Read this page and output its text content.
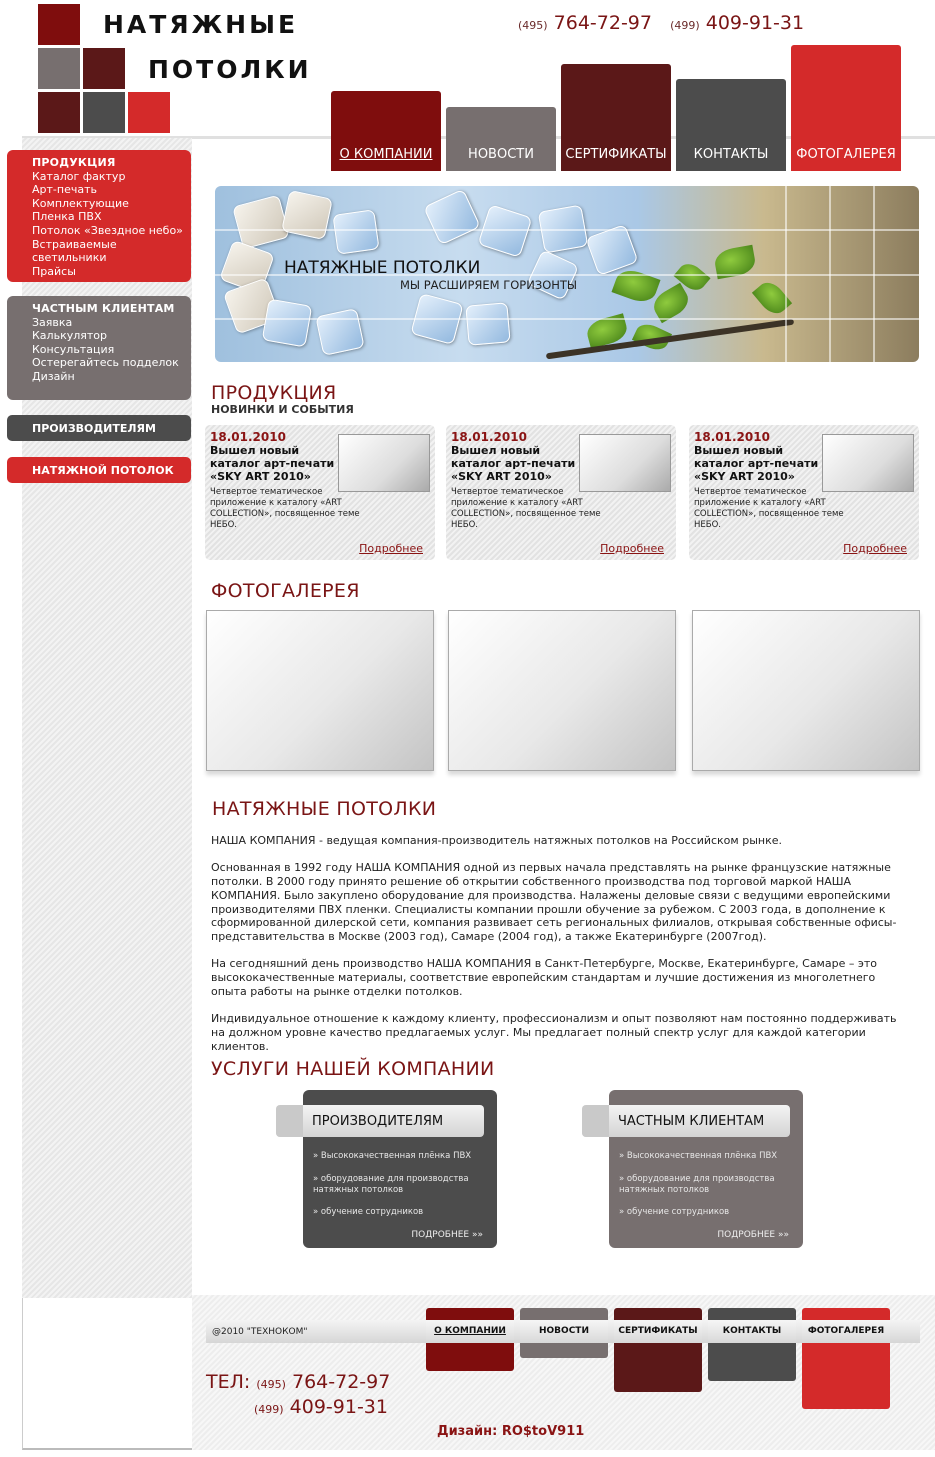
НАТЯЖНЫЕ
ПОТОЛКИ
(495) 764-72-97 (499) 409-91-31
О КОМПАНИИ	НОВОСТИ СЕРТИФИКАТЫ КОНТАКТЫ ФОТОГАЛЕРЕЯ
ПРОДУКЦИЯ
Каталог фактур
Арт-печать
Комплектующие
Пленка ПВХ
Потолок «Звездное небо»
Встраиваемые светильники
Прайсы
ЧАСТНЫМ КЛИЕНТАМ
Заявка
Калькулятор
Консультация
Остерегайтесь подделок
Дизайн
ПРОИЗВОДИТЕЛЯМ
НАТЯЖНОЙ ПОТОЛОК
НАТЯЖНЫЕ ПОТОЛКИ
МЫ РАСШИРЯЕМ ГОРИЗОНТЫ
ПРОДУКЦИЯ
НОВИНКИ И СОБЫТИЯ
18.01.2010
Вышел новый каталог арт-печати «SKY ART 2010»
Четвертое тематическое приложение к каталогу «ART COLLECTION», посвященное теме НЕБО.
Подробнее
18.01.2010
Вышел новый каталог арт-печати «SKY ART 2010»
Четвертое тематическое приложение к каталогу «ART COLLECTION», посвященное теме НЕБО.
Подробнее
18.01.2010
Вышел новый каталог арт-печати «SKY ART 2010»
Четвертое тематическое приложение к каталогу «ART COLLECTION», посвященное теме НЕБО.
Подробнее
ФОТОГАЛЕРЕЯ
НАТЯЖНЫЕ ПОТОЛКИ

НАША КОМПАНИЯ - ведущая компания-производитель натяжных потолков на Российском рынке.

Основанная в 1992 году НАША КОМПАНИЯ одной из первых начала представлять на рынке французские натяжные потолки. В 2000 году принято решение об открытии собственного производства под торговой маркой НАША КОМПАНИЯ. Было закуплено оборудование для производства. Налажены деловые связи с ведущими европейскими производителями ПВХ пленки. Специалисты компании прошли обучение за рубежом. С 2003 года, в дополнение к сформированной дилерской сети, компания развивает сеть региональных филиалов, открывая собственные офисы-представительства в Москве (2003 год), Самаре (2004 год), а также Екатеринбурге (2007год).

На сегодняшний день производство НАША КОМПАНИЯ в Санкт-Петербурге, Москве, Екатеринбурге, Самаре – это высококачественные материалы, соответствие европейским стандартам и лучшие достижения из многолетнего опыта работы на рынке отделки потолков.

Индивидуальное отношение к каждому клиенту, профессионализм и опыт позволяют нам постоянно поддерживать на должном уровне качество предлагаемых услуг. Мы предлагает полный спектр услуг для каждой категории клиентов.

УСЛУГИ НАШЕЙ КОМПАНИИ
ПРОИЗВОДИТЕЛЯМ
» Высококачественная плёнка ПВХ
» оборудование для производства натяжных потолков
» обучение сотрудников
ПОДРОБНЕЕ »»
ЧАСТНЫМ КЛИЕНТАМ
» Высококачественная плёнка ПВХ
» оборудование для производства натяжных потолков
» обучение сотрудников
ПОДРОБНЕЕ »»
@2010 "ТЕХНОКОМ"	О КОМПАНИИ	НОВОСТИ	СЕРТИФИКАТЫ	КОНТАКТЫ	ФОТОГАЛЕРЕЯ
ТЕЛ: (495) 764-72-97
(499) 409-91-31
Дизайн: RO$toV911
